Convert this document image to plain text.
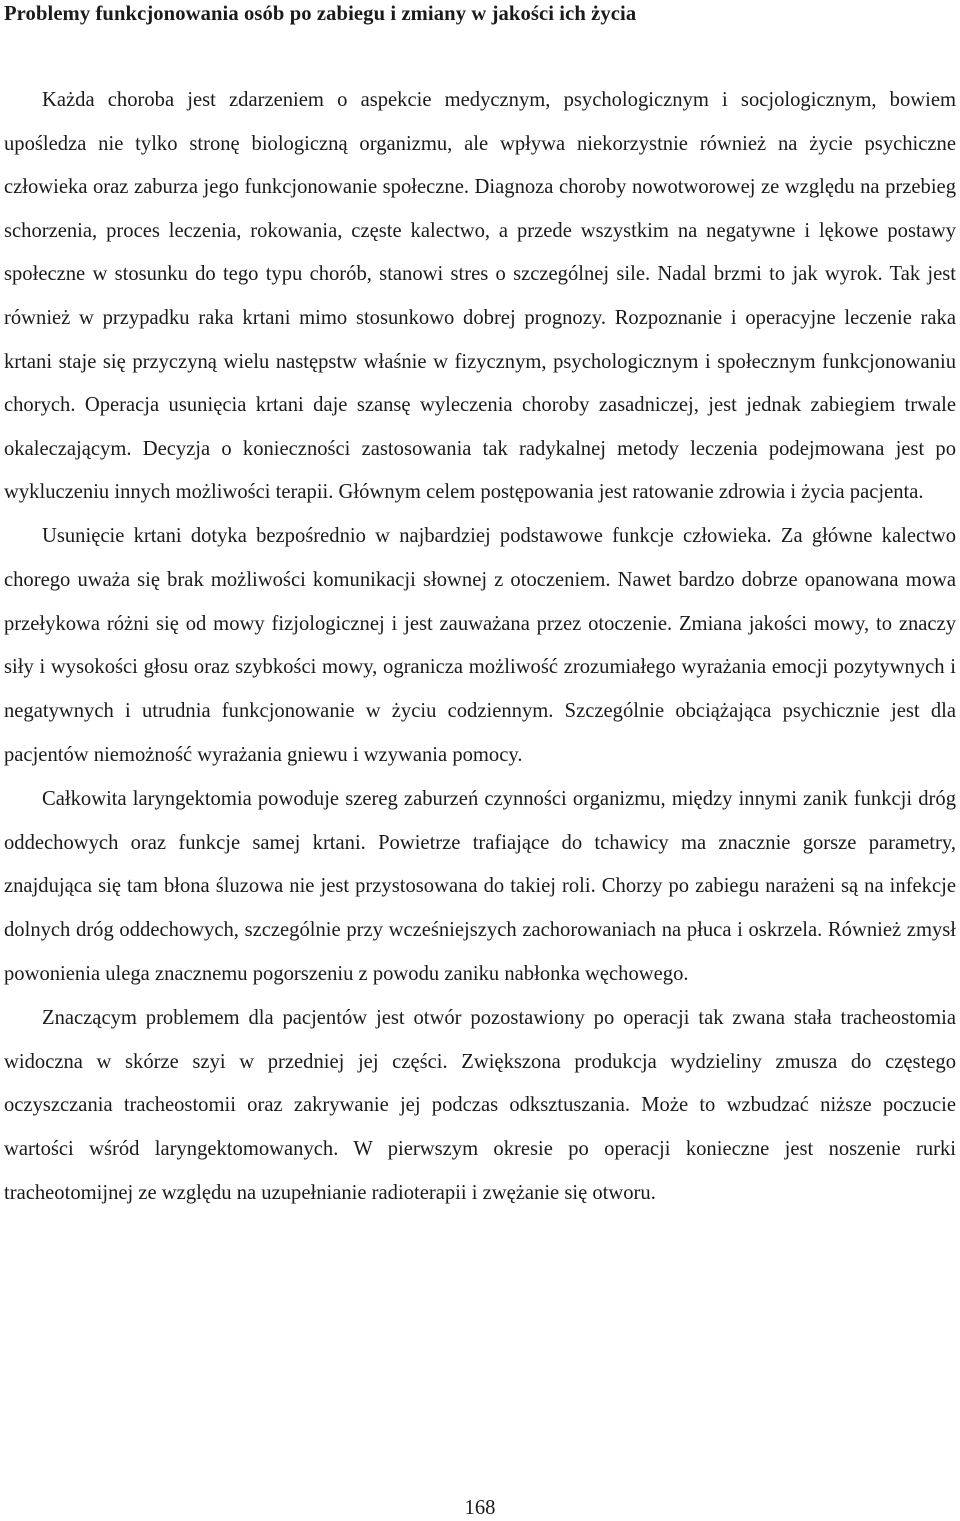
Problemy funkcjonowania osób po zabiegu i zmiany w jakości ich życia

Każda choroba jest zdarzeniem o aspekcie medycznym, psychologicznym i socjologicznym, bowiem upośledza nie tylko stronę biologiczną organizmu, ale wpływa niekorzystnie również na życie psychiczne człowieka oraz zaburza jego funkcjonowanie społeczne. Diagnoza choroby nowotworowej ze względu na przebieg schorzenia, proces leczenia, rokowania, częste kalectwo, a przede wszystkim na negatywne i lękowe postawy społeczne w stosunku do tego typu chorób, stanowi stres o szczególnej sile. Nadal brzmi to jak wyrok. Tak jest również w przypadku raka krtani mimo stosunkowo dobrej prognozy. Rozpoznanie i operacyjne leczenie raka krtani staje się przyczyną wielu następstw właśnie w fizycznym, psychologicznym i społecznym funkcjonowaniu chorych. Operacja usunięcia krtani daje szansę wyleczenia choroby zasadniczej, jest jednak zabiegiem trwale okaleczającym. Decyzja o konieczności zastosowania tak radykalnej metody leczenia podejmowana jest po wykluczeniu innych możliwości terapii. Głównym celem postępowania jest ratowanie zdrowia i życia pacjenta.

Usunięcie krtani dotyka bezpośrednio w najbardziej podstawowe funkcje człowieka. Za główne kalectwo chorego uważa się brak możliwości komunikacji słownej z otoczeniem. Nawet bardzo dobrze opanowana mowa przełykowa różni się od mowy fizjologicznej i jest zauważana przez otoczenie. Zmiana jakości mowy, to znaczy siły i wysokości głosu oraz szybkości mowy, ogranicza możliwość zrozumiałego wyrażania emocji pozytywnych i negatywnych i utrudnia funkcjonowanie w życiu codziennym. Szczególnie obciążająca psychicznie jest dla pacjentów niemożność wyrażania gniewu i wzywania pomocy.

Całkowita laryngektomia powoduje szereg zaburzeń czynności organizmu, między innymi zanik funkcji dróg oddechowych oraz funkcje samej krtani. Powietrze trafiające do tchawicy ma znacznie gorsze parametry, znajdująca się tam błona śluzowa nie jest przystosowana do takiej roli. Chorzy po zabiegu narażeni są na infekcje dolnych dróg oddechowych, szczególnie przy wcześniejszych zachorowaniach na płuca i oskrzela. Również zmysł powonienia ulega znacznemu pogorszeniu z powodu zaniku nabłonka węchowego.

Znaczącym problemem dla pacjentów jest otwór pozostawiony po operacji tak zwana stała tracheostomia widoczna w skórze szyi w przedniej jej części. Zwiększona produkcja wydzieliny zmusza do częstego oczyszczania tracheostomii oraz zakrywanie jej podczas odksztuszania. Może to wzbudzać niższe poczucie wartości wśród laryngektomowanych. W pierwszym okresie po operacji konieczne jest noszenie rurki tracheotomijnej ze względu na uzupełnianie radioterapii i zwężanie się otworu.

168
